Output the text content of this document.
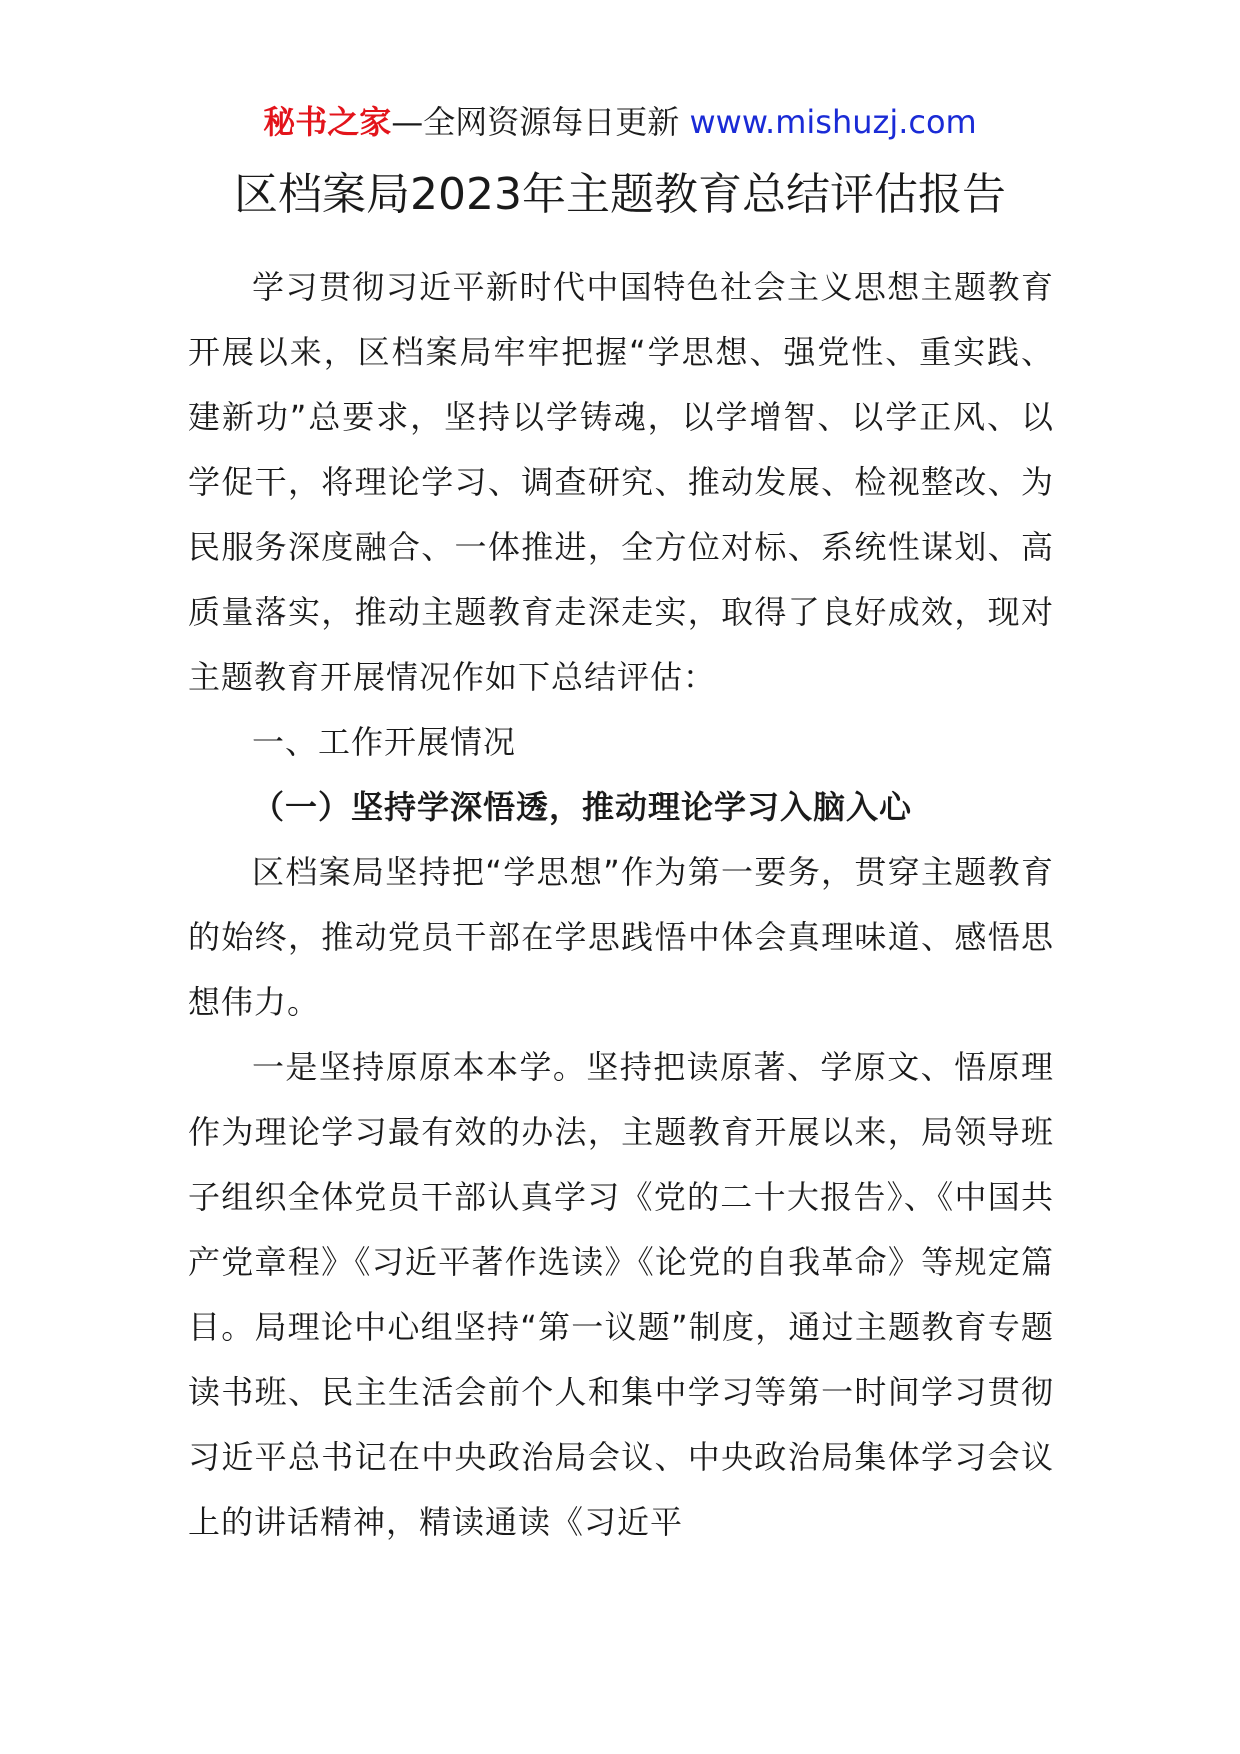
秘书之家—全网资源每日更新 www.mishuzj.com
区档案局2023年主题教育总结评估报告

学习贯彻习近平新时代中国特色社会主义思想主题教育开展以来，区档案局牢牢把握“学思想、强党性、重实践、建新功”总要求，坚持以学铸魂，以学增智、以学正风、以学促干，将理论学习、调查研究、推动发展、检视整改、为民服务深度融合、一体推进，全方位对标、系统性谋划、高质量落实，推动主题教育走深走实，取得了良好成效，现对主题教育开展情况作如下总结评估：

一、工作开展情况

（一）坚持学深悟透，推动理论学习入脑入心

区档案局坚持把“学思想”作为第一要务，贯穿主题教育的始终，推动党员干部在学思践悟中体会真理味道、感悟思想伟力。

一是坚持原原本本学。坚持把读原著、学原文、悟原理作为理论学习最有效的办法，主题教育开展以来，局领导班子组织全体党员干部认真学习《党的二十大报告》、《中国共产党章程》《习近平著作选读》《论党的自我革命》等规定篇目。局理论中心组坚持“第一议题”制度，通过主题教育专题读书班、民主生活会前个人和集中学习等第一时间学习贯彻习近平总书记在中央政治局会议、中央政治局集体学习会议上的讲话精神，精读通读《习近平
